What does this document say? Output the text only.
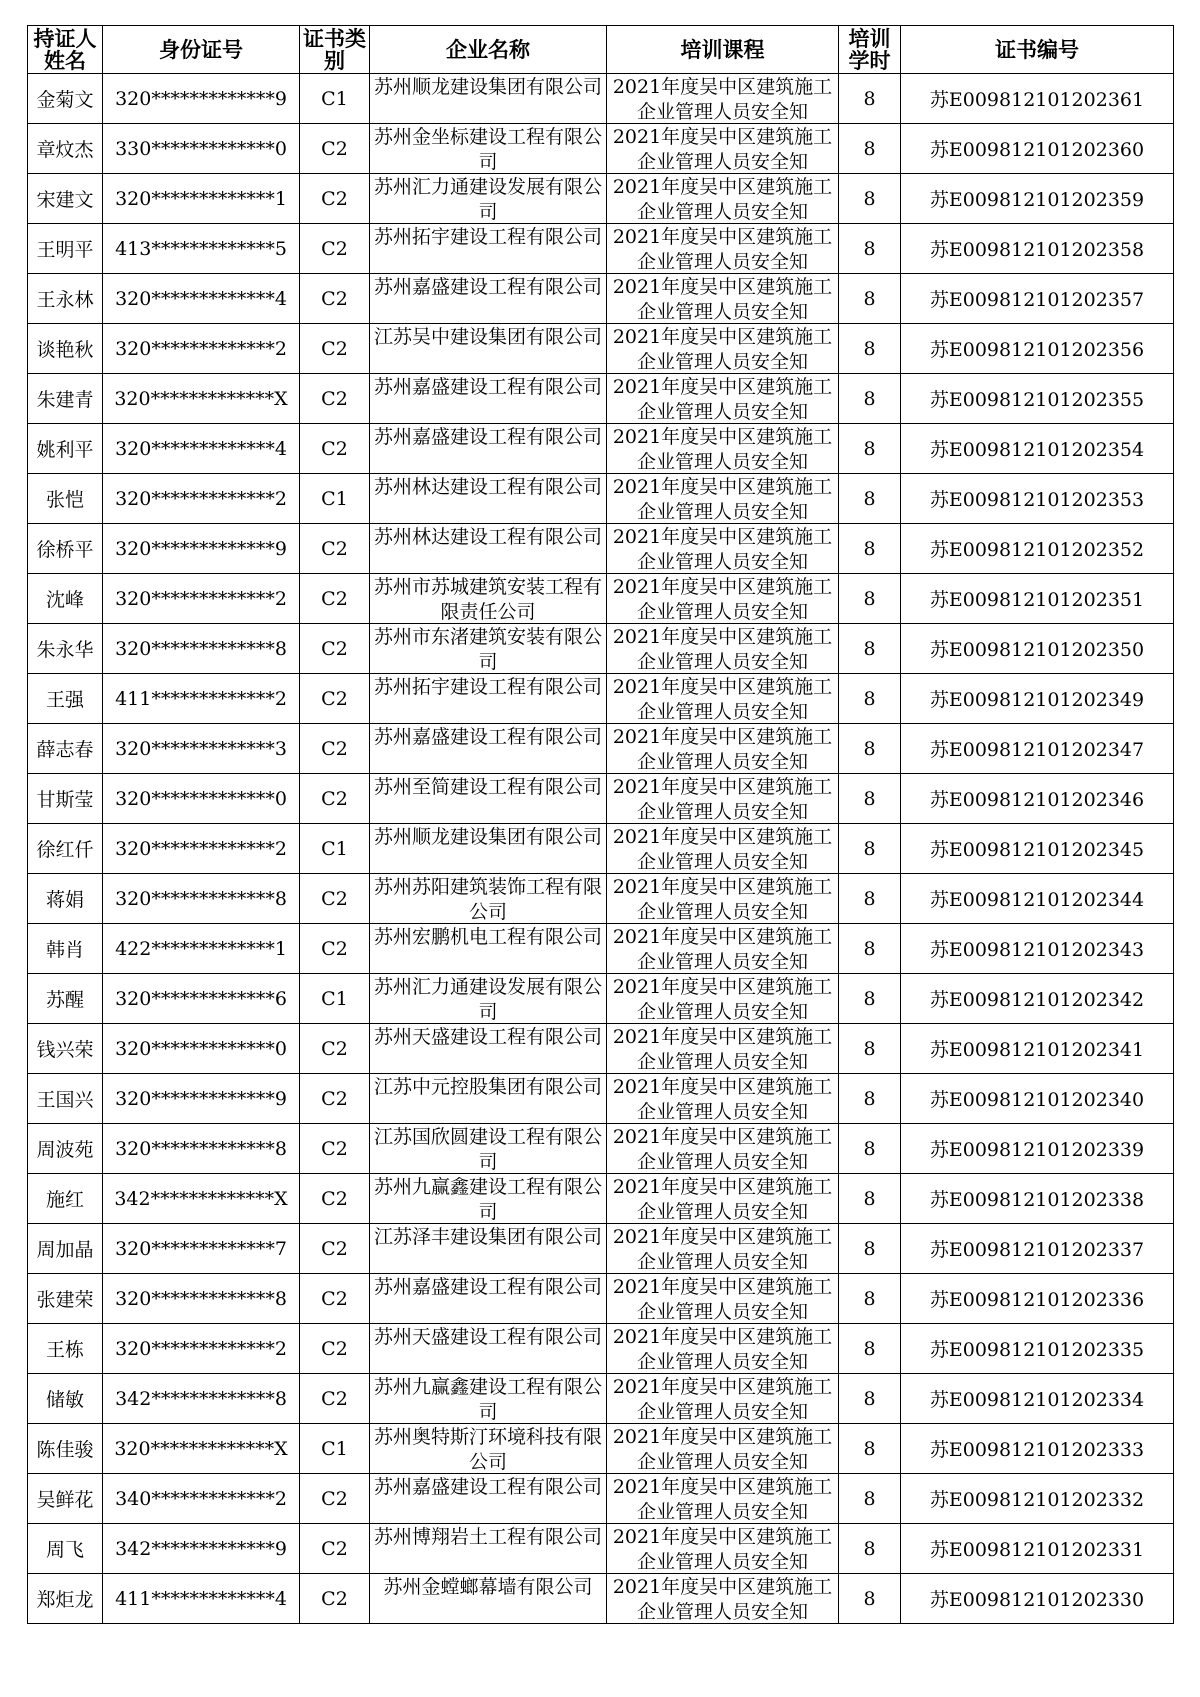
持证人姓名	身份证号	证书类别	企业名称	培训课程	培训学时	证书编号
金菊文	320*************9	C1	苏州顺龙建设集团有限公司	2021年度吴中区建筑施工企业管理人员安全知	8	苏E009812101202361
章炆杰	330*************0	C2	苏州金坐标建设工程有限公司	2021年度吴中区建筑施工企业管理人员安全知	8	苏E009812101202360
宋建文	320*************1	C2	苏州汇力通建设发展有限公司	2021年度吴中区建筑施工企业管理人员安全知	8	苏E009812101202359
王明平	413*************5	C2	苏州拓宇建设工程有限公司	2021年度吴中区建筑施工企业管理人员安全知	8	苏E009812101202358
王永林	320*************4	C2	苏州嘉盛建设工程有限公司	2021年度吴中区建筑施工企业管理人员安全知	8	苏E009812101202357
谈艳秋	320*************2	C2	江苏吴中建设集团有限公司	2021年度吴中区建筑施工企业管理人员安全知	8	苏E009812101202356
朱建青	320*************X	C2	苏州嘉盛建设工程有限公司	2021年度吴中区建筑施工企业管理人员安全知	8	苏E009812101202355
姚利平	320*************4	C2	苏州嘉盛建设工程有限公司	2021年度吴中区建筑施工企业管理人员安全知	8	苏E009812101202354
张恺	320*************2	C1	苏州林达建设工程有限公司	2021年度吴中区建筑施工企业管理人员安全知	8	苏E009812101202353
徐桥平	320*************9	C2	苏州林达建设工程有限公司	2021年度吴中区建筑施工企业管理人员安全知	8	苏E009812101202352
沈峰	320*************2	C2	苏州市苏城建筑安装工程有限责任公司	2021年度吴中区建筑施工企业管理人员安全知	8	苏E009812101202351
朱永华	320*************8	C2	苏州市东渚建筑安装有限公司	2021年度吴中区建筑施工企业管理人员安全知	8	苏E009812101202350
王强	411*************2	C2	苏州拓宇建设工程有限公司	2021年度吴中区建筑施工企业管理人员安全知	8	苏E009812101202349
薛志春	320*************3	C2	苏州嘉盛建设工程有限公司	2021年度吴中区建筑施工企业管理人员安全知	8	苏E009812101202347
甘斯莹	320*************0	C2	苏州至简建设工程有限公司	2021年度吴中区建筑施工企业管理人员安全知	8	苏E009812101202346
徐红仟	320*************2	C1	苏州顺龙建设集团有限公司	2021年度吴中区建筑施工企业管理人员安全知	8	苏E009812101202345
蒋娟	320*************8	C2	苏州苏阳建筑装饰工程有限公司	2021年度吴中区建筑施工企业管理人员安全知	8	苏E009812101202344
韩肖	422*************1	C2	苏州宏鹏机电工程有限公司	2021年度吴中区建筑施工企业管理人员安全知	8	苏E009812101202343
苏醒	320*************6	C1	苏州汇力通建设发展有限公司	2021年度吴中区建筑施工企业管理人员安全知	8	苏E009812101202342
钱兴荣	320*************0	C2	苏州天盛建设工程有限公司	2021年度吴中区建筑施工企业管理人员安全知	8	苏E009812101202341
王国兴	320*************9	C2	江苏中元控股集团有限公司	2021年度吴中区建筑施工企业管理人员安全知	8	苏E009812101202340
周波苑	320*************8	C2	江苏国欣圆建设工程有限公司	2021年度吴中区建筑施工企业管理人员安全知	8	苏E009812101202339
施红	342*************X	C2	苏州九赢鑫建设工程有限公司	2021年度吴中区建筑施工企业管理人员安全知	8	苏E009812101202338
周加晶	320*************7	C2	江苏泽丰建设集团有限公司	2021年度吴中区建筑施工企业管理人员安全知	8	苏E009812101202337
张建荣	320*************8	C2	苏州嘉盛建设工程有限公司	2021年度吴中区建筑施工企业管理人员安全知	8	苏E009812101202336
王栋	320*************2	C2	苏州天盛建设工程有限公司	2021年度吴中区建筑施工企业管理人员安全知	8	苏E009812101202335
储敏	342*************8	C2	苏州九赢鑫建设工程有限公司	2021年度吴中区建筑施工企业管理人员安全知	8	苏E009812101202334
陈佳骏	320*************X	C1	苏州奥特斯汀环境科技有限公司	2021年度吴中区建筑施工企业管理人员安全知	8	苏E009812101202333
吴鲜花	340*************2	C2	苏州嘉盛建设工程有限公司	2021年度吴中区建筑施工企业管理人员安全知	8	苏E009812101202332
周飞	342*************9	C2	苏州博翔岩土工程有限公司	2021年度吴中区建筑施工企业管理人员安全知	8	苏E009812101202331
郑炬龙	411*************4	C2	苏州金螳螂幕墙有限公司	2021年度吴中区建筑施工企业管理人员安全知	8	苏E009812101202330
